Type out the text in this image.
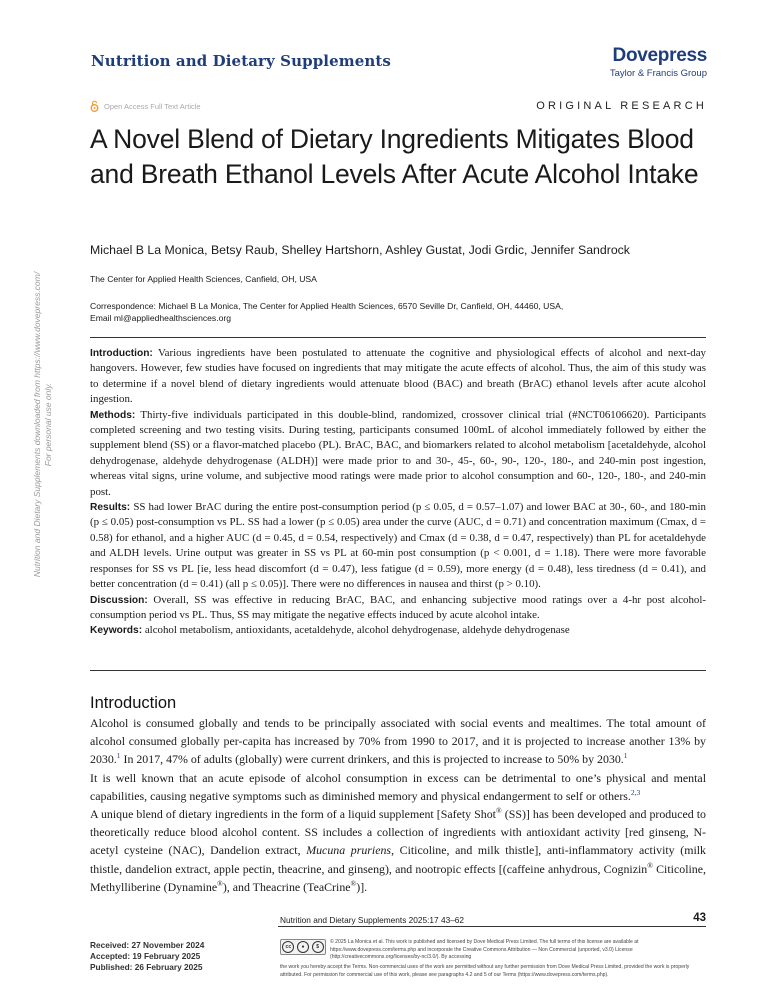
Nutrition and Dietary Supplements	Dovepress
Taylor & Francis Group
Open Access Full Text Article	ORIGINAL RESEARCH
A Novel Blend of Dietary Ingredients Mitigates Blood and Breath Ethanol Levels After Acute Alcohol Intake
Michael B La Monica, Betsy Raub, Shelley Hartshorn, Ashley Gustat, Jodi Grdic, Jennifer Sandrock
The Center for Applied Health Sciences, Canfield, OH, USA
Correspondence: Michael B La Monica, The Center for Applied Health Sciences, 6570 Seville Dr, Canfield, OH, 44460, USA,
Email ml@appliedhealthsciences.org

Introduction: Various ingredients have been postulated to attenuate the cognitive and physiological effects of alcohol and next-day hangovers. However, few studies have focused on ingredients that may mitigate the acute effects of alcohol. Thus, the aim of this study was to determine if a novel blend of dietary ingredients would attenuate blood (BAC) and breath (BrAC) ethanol levels after acute alcohol ingestion.

Methods: Thirty-five individuals participated in this double-blind, randomized, crossover clinical trial (#NCT06106620). Participants completed screening and two testing visits. During testing, participants consumed 100mL of alcohol immediately followed by either the supplement blend (SS) or a flavor-matched placebo (PL). BrAC, BAC, and biomarkers related to alcohol metabolism [acetaldehyde, alcohol dehydrogenase, aldehyde dehydrogenase (ALDH)] were made prior to and 30-, 45-, 60-, 90-, 120-, 180-, and 240-min post ingestion, whereas vital signs, urine volume, and subjective mood ratings were made prior to alcohol consumption and 60-, 120-, 180-, and 240-min post.

Results: SS had lower BrAC during the entire post-consumption period (p ≤ 0.05, d = 0.57–1.07) and lower BAC at 30-, 60-, and 180-min (p ≤ 0.05) post-consumption vs PL. SS had a lower (p ≤ 0.05) area under the curve (AUC, d = 0.71) and concentration maximum (Cmax, d = 0.58) for ethanol, and a higher AUC (d = 0.45, d = 0.54, respectively) and Cmax (d = 0.38, d = 0.47, respectively) than PL for acetaldehyde and ALDH levels. Urine output was greater in SS vs PL at 60-min post consumption (p < 0.001, d = 1.18). There were more favorable responses for SS vs PL [ie, less head discomfort (d = 0.47), less fatigue (d = 0.59), more energy (d = 0.48), less tiredness (d = 0.41), and better concentration (d = 0.41) (all p ≤ 0.05)]. There were no differences in nausea and thirst (p > 0.10).

Discussion: Overall, SS was effective in reducing BrAC, BAC, and enhancing subjective mood ratings over a 4-hr post alcohol-consumption period vs PL. Thus, SS may mitigate the negative effects induced by acute alcohol intake.

Keywords: alcohol metabolism, antioxidants, acetaldehyde, alcohol dehydrogenase, aldehyde dehydrogenase

Introduction

Alcohol is consumed globally and tends to be principally associated with social events and mealtimes. The total amount of alcohol consumed globally per-capita has increased by 70% from 1990 to 2017, and it is projected to increase another 13% by 2030.$^1$ In 2017, 47% of adults (globally) were current drinkers, and this is projected to increase to 50% by 2030.$^1$

It is well known that an acute episode of alcohol consumption in excess can be detrimental to one’s physical and mental capabilities, causing negative symptoms such as diminished memory and physical endangerment to self or others.$^{2,3}$

A unique blend of dietary ingredients in the form of a liquid supplement [Safety Shot® (SS)] has been developed and produced to theoretically reduce blood alcohol content. SS includes a collection of ingredients with antioxidant activity [red ginseng, N-acetyl cysteine (NAC), Dandelion extract, Mucuna pruriens, Citicoline, and milk thistle], anti-inflammatory activity (milk thistle, dandelion extract, apple pectin, theacrine, and ginseng), and nootropic effects [(caffeine anhydrous, Cognizin® Citicoline, Methylliberine (Dynamine®), and Theacrine (TeaCrine®)].

Nutrition and Dietary Supplements downloaded from https://www.dovepress.com/ For personal use only.
Nutrition and Dietary Supplements 2025:17 43–62	43
Received: 27 November 2024
Accepted: 19 February 2025
Published: 26 February 2025
cc	●	$
© 2025 La Monica et al. This work is published and licensed by Dove Medical Press Limited. The full terms of this license are available at https://www.dovepress.com/terms.php and incorporate the Creative Commons Attribution — Non Commercial (unported, v3.0) License (http://creativecommons.org/licenses/by-nc/3.0/). By accessing
the work you hereby accept the Terms. Non-commercial uses of the work are permitted without any further permission from Dove Medical Press Limited, provided the work is properly attributed. For permission for commercial use of this work, please see paragraphs 4.2 and 5 of our Terms (https://www.dovepress.com/terms.php).
